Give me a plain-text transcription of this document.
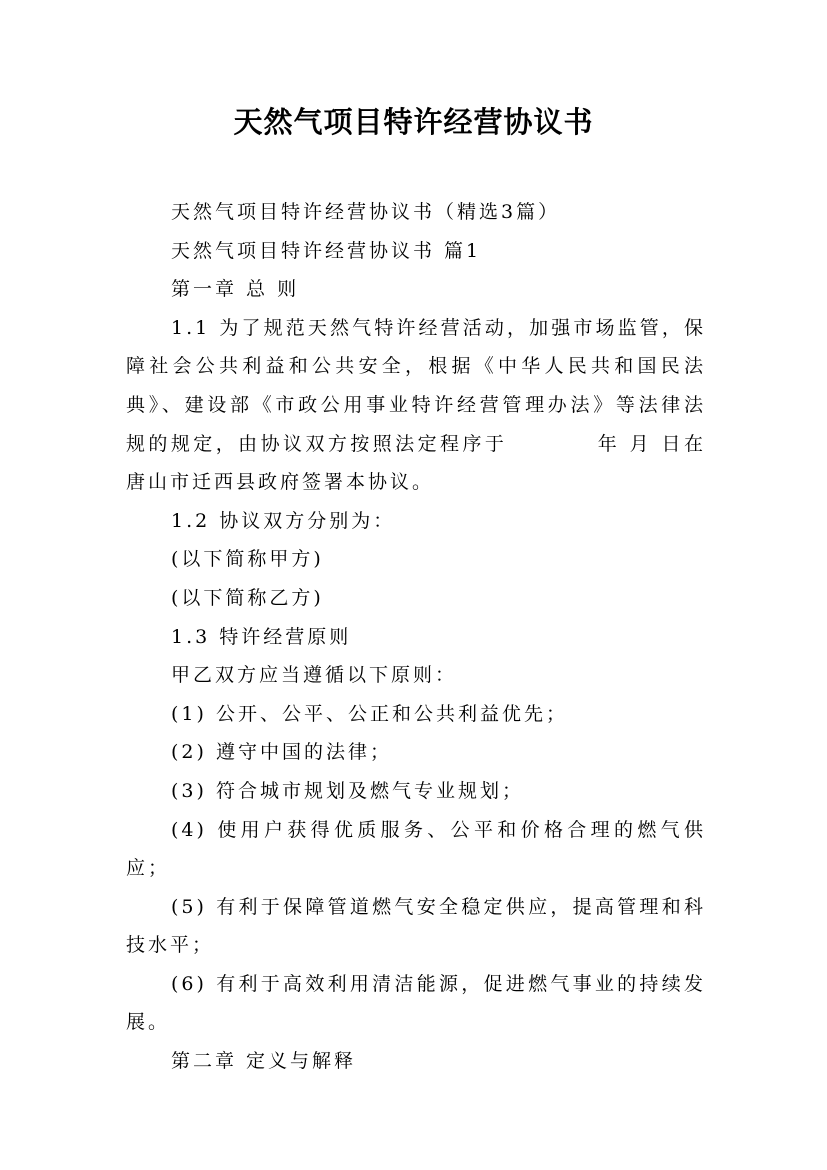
天然气项目特许经营协议书

天然气项目特许经营协议书（精选3篇）

天然气项目特许经营协议书 篇1

第一章 总 则

1.1 为了规范天然气特许经营活动，加强市场监管，保障社会公共利益和公共安全，根据《中华人民共和国民法典》、建设部《市政公用事业特许经营管理办法》等法律法规的规定，由协议双方按照法定程序于	年 月 日在唐山市迁西县政府签署本协议。

1.2 协议双方分别为：

(以下简称甲方)

(以下简称乙方)

1.3 特许经营原则

甲乙双方应当遵循以下原则：

(1) 公开、公平、公正和公共利益优先；

(2) 遵守中国的法律；

(3) 符合城市规划及燃气专业规划；

(4) 使用户获得优质服务、公平和价格合理的燃气供应；

(5) 有利于保障管道燃气安全稳定供应，提高管理和科技水平；

(6) 有利于高效利用清洁能源，促进燃气事业的持续发展。

第二章 定义与解释
